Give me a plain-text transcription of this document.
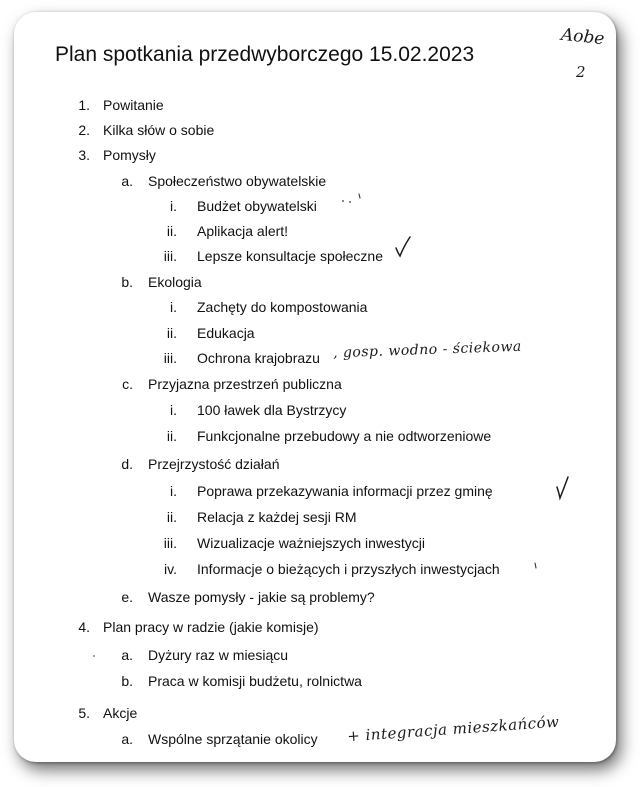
Plan spotkania przedwyborczego 15.02.2023
1. Powitanie
2. Kilka słów o sobie
3. Pomysły
a. Społeczeństwo obywatelskie
i. Budżet obywatelski
ii. Aplikacja alert!
iii. Lepsze konsultacje społeczne
b. Ekologia
i. Zachęty do kompostowania
ii. Edukacja
iii. Ochrona krajobrazu
c. Przyjazna przestrzeń publiczna
i. 100 ławek dla Bystrzycy
ii. Funkcjonalne przebudowy a nie odtworzeniowe
d. Przejrzystość działań
i. Poprawa przekazywania informacji przez gminę
ii. Relacja z każdej sesji RM
iii. Wizualizacje ważniejszych inwestycji
iv. Informacje o bieżących i przyszłych inwestycjach
e. Wasze pomysły - jakie są problemy?
4. Plan pracy w radzie (jakie komisje)
a. Dyżury raz w miesiącu
b. Praca w komisji budżetu, rolnictwa
5. Akcje
a. Wspólne sprzątanie okolicy
Aobe
2
, gosp. wodno - ściekowa
+ integracja mieszkańców
